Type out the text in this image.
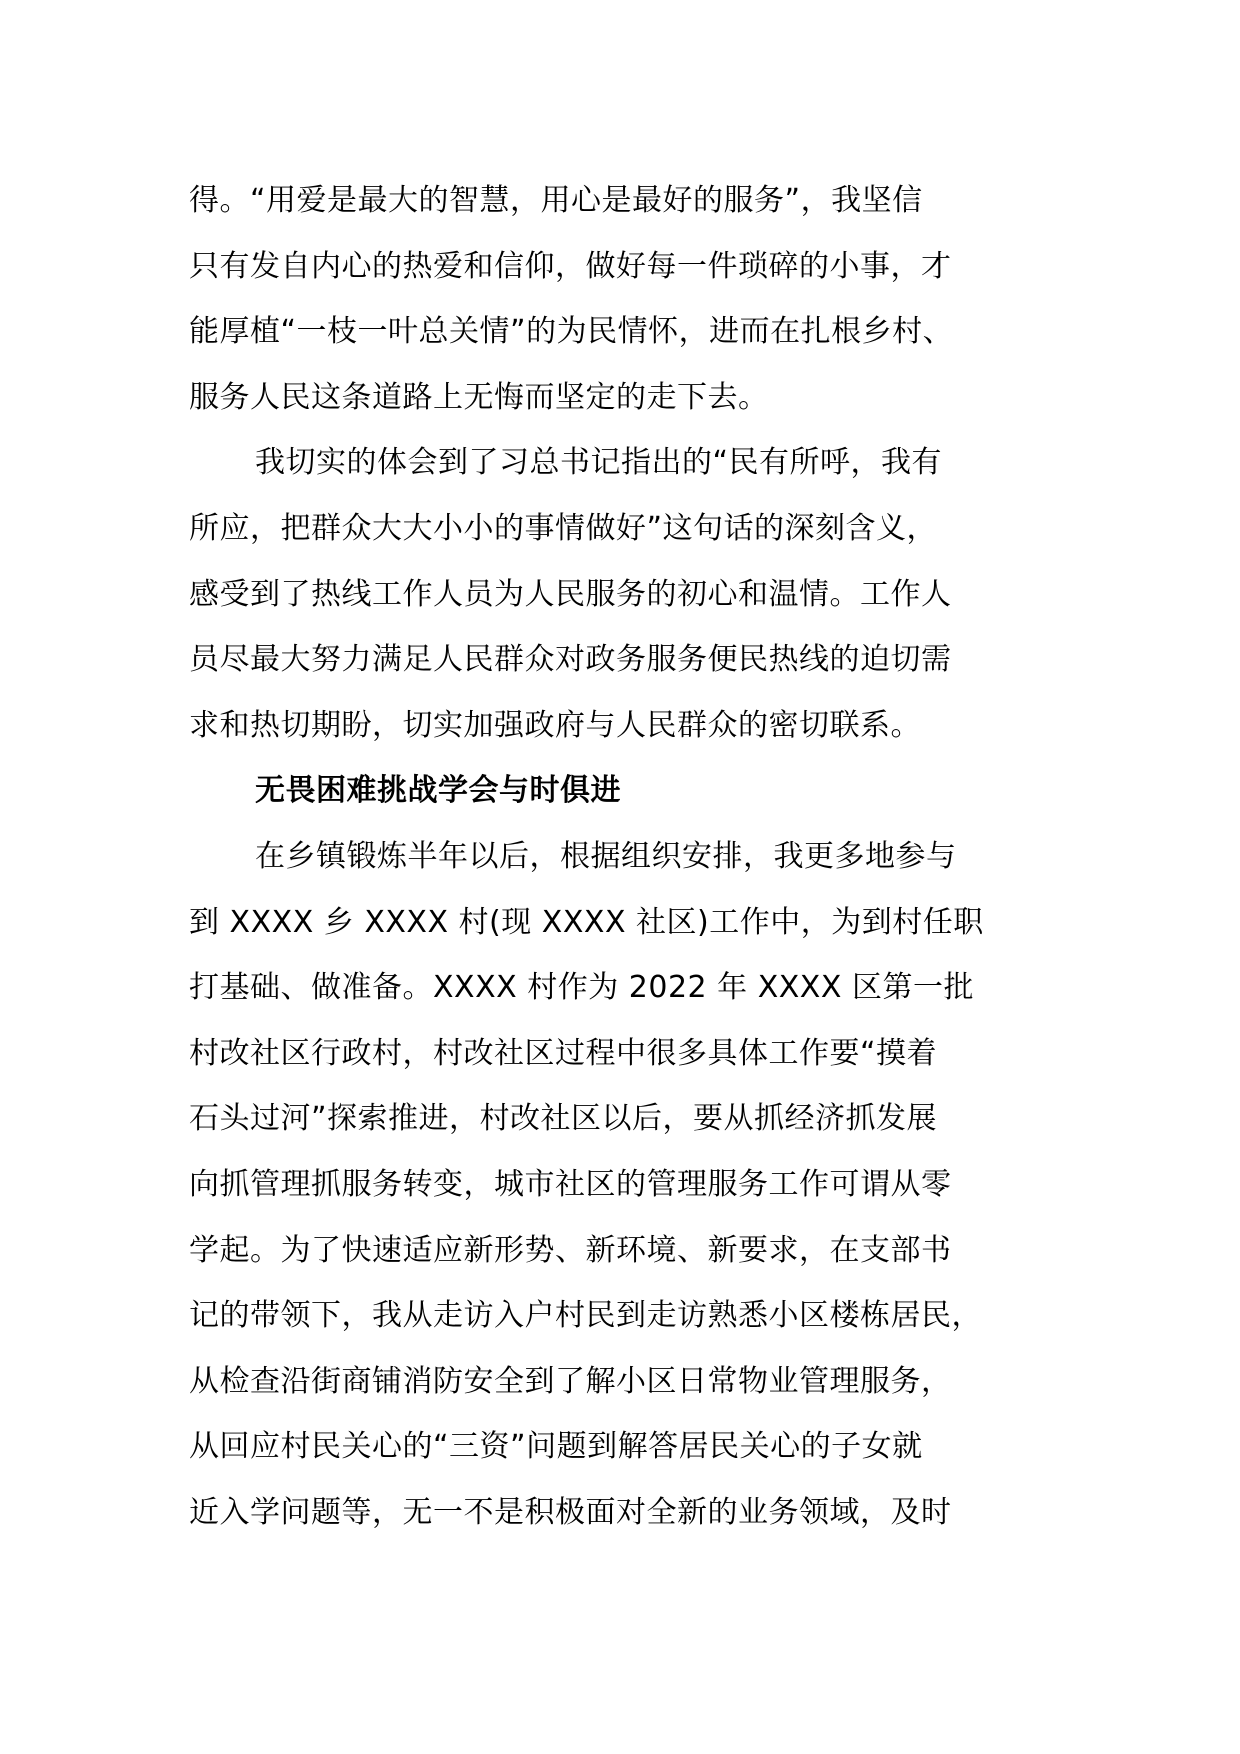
得。“用爱是最大的智慧，用心是最好的服务”，我坚信
只有发自内心的热爱和信仰，做好每一件琐碎的小事，才
能厚植“一枝一叶总关情”的为民情怀，进而在扎根乡村、
服务人民这条道路上无悔而坚定的走下去。
我切实的体会到了习总书记指出的“民有所呼，我有
所应，把群众大大小小的事情做好”这句话的深刻含义，
感受到了热线工作人员为人民服务的初心和温情。工作人
员尽最大努力满足人民群众对政务服务便民热线的迫切需
求和热切期盼，切实加强政府与人民群众的密切联系。
无畏困难挑战学会与时俱进
在乡镇锻炼半年以后，根据组织安排，我更多地参与
到 XXXX 乡 XXXX 村(现 XXXX 社区)工作中，为到村任职
打基础、做准备。XXXX 村作为 2022 年 XXXX 区第一批
村改社区行政村，村改社区过程中很多具体工作要“摸着
石头过河”探索推进，村改社区以后，要从抓经济抓发展
向抓管理抓服务转变，城市社区的管理服务工作可谓从零
学起。为了快速适应新形势、新环境、新要求，在支部书
记的带领下，我从走访入户村民到走访熟悉小区楼栋居民，
从检查沿街商铺消防安全到了解小区日常物业管理服务，
从回应村民关心的“三资”问题到解答居民关心的子女就
近入学问题等，无一不是积极面对全新的业务领域，及时
